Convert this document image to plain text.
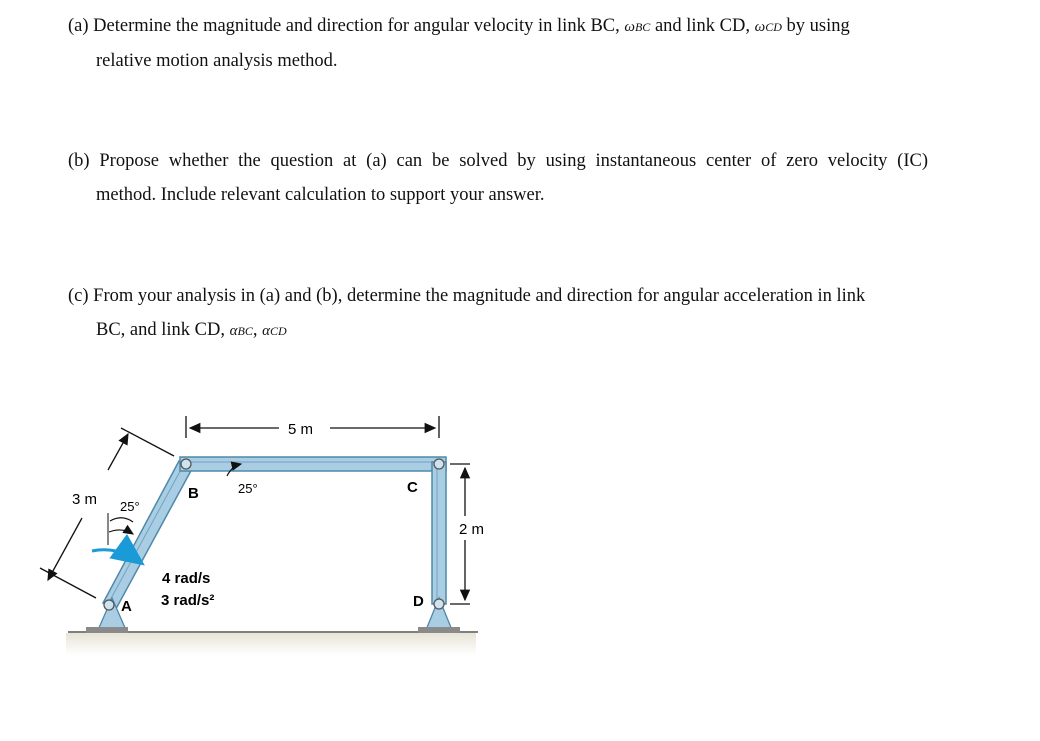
(a) Determine the magnitude and direction for angular velocity in link BC, ωBC and link CD, ωCD by using
relative motion analysis method.
(b) Propose whether the question at (a) can be solved by using instantaneous center of zero velocity (IC)
method. Include relevant calculation to support your answer.
(c) From your analysis in (a) and (b), determine the magnitude and direction for angular acceleration in link
BC, and link CD, αBC, αCD
5 m
2 m
3 m 25°
25°
A
B	C
D
4 rad/s
3 rad/s²
